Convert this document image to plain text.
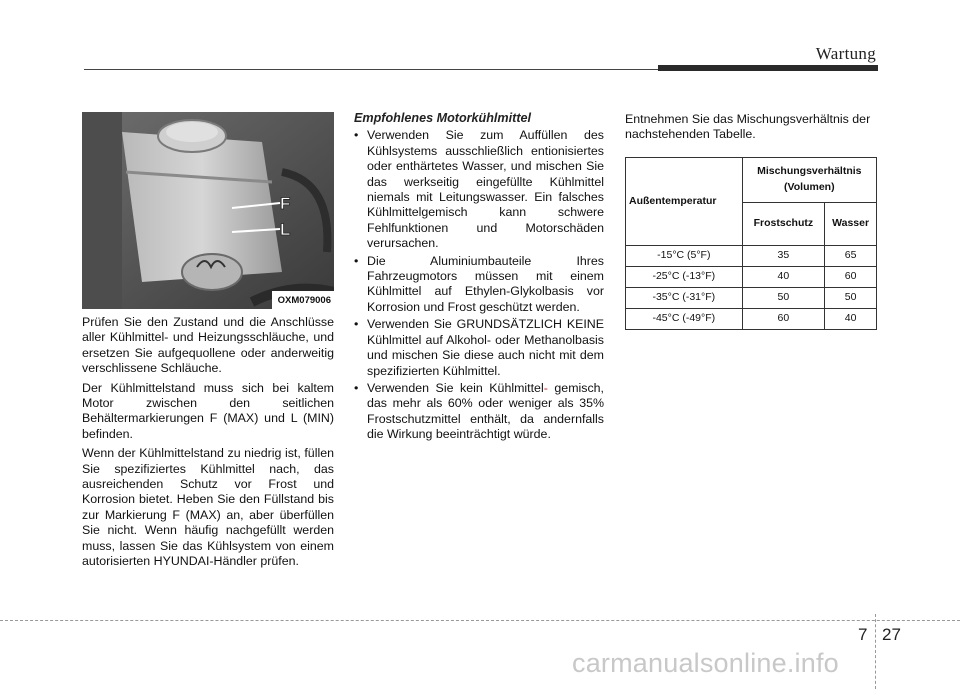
Wartung
F
L
OXM079006

Prüfen Sie den Zustand und die Anschlüsse aller Kühlmittel- und Heizungsschläuche, und ersetzen Sie aufgequollene oder anderweitig verschlissene Schläuche.

Der Kühlmittelstand muss sich bei kaltem Motor zwischen den seitlichen Behältermarkierungen F (MAX) und L (MIN) befinden.

Wenn der Kühlmittelstand zu niedrig ist, füllen Sie spezifiziertes Kühlmittel nach, das ausreichenden Schutz vor Frost und Korrosion bietet. Heben Sie den Füllstand bis zur Markierung F (MAX) an, aber überfüllen Sie nicht. Wenn häufig nachgefüllt werden muss, lassen Sie das Kühlsystem von einem autorisierten HYUNDAI-Händler prüfen.

Empfohlenes Motorkühlmittel
• Verwenden Sie zum Auffüllen des Kühlsystems ausschließlich entionisiertes oder enthärtetes Wasser, und mischen Sie das werkseitig eingefüllte Kühlmittel niemals mit Leitungswasser. Ein falsches Kühlmittelgemisch kann schwere Fehlfunktionen und Motorschäden verursachen.
• Die Aluminiumbauteile Ihres Fahrzeugmotors müssen mit einem Kühlmittel auf Ethylen-Glykolbasis vor Korrosion und Frost geschützt werden.
• Verwenden Sie GRUNDSÄTZLICH KEINE Kühlmittel auf Alkohol- oder Methanolbasis und mischen Sie diese auch nicht mit dem spezifizierten Kühlmittel.
• Verwenden Sie kein Kühlmittel- gemisch, das mehr als 60% oder weniger als 35% Frostschutzmittel enthält, da andernfalls die Wirkung beeinträchtigt würde.

Entnehmen Sie das Mischungsverhältnis der nachstehenden Tabelle.

Außentemperatur	Mischungsverhältnis
(Volumen)	
	Frostschutz	Wasser
-15°C (5°F)	35	65
-25°C (-13°F)	40	60
-35°C (-31°F)	50	50
-45°C (-49°F)	60	40
7 27
carmanualsonline.info
